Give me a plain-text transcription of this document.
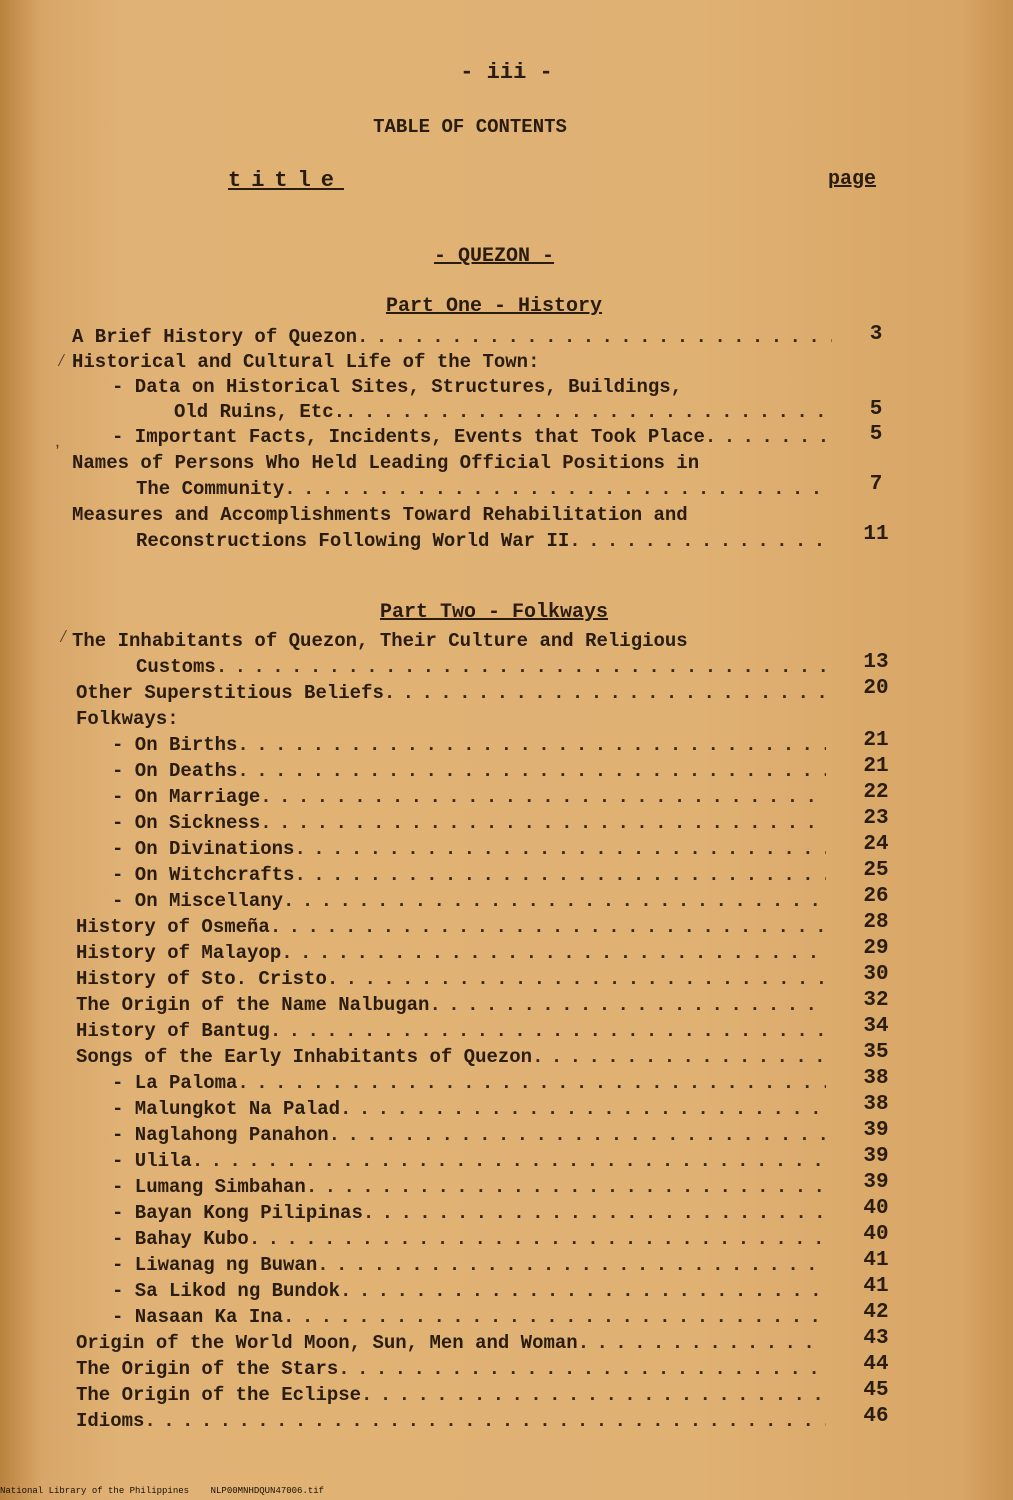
- iii -
TABLE OF CONTENTS
title	page

- QUEZON -

Part One - History

A Brief History of Quezon . . .	3
Historical and Cultural Life of the Town:
- Data on Historical Sites, Structures, Buildings,
Old Ruins, Etc. . . .	5
- Important Facts, Incidents, Events that Took Place . . .	5
Names of Persons Who Held Leading Official Positions in
The Community . . .	7
Measures and Accomplishments Toward Rehabilitation and
Reconstructions Following World War II . . .	11

Part Two - Folkways

The Inhabitants of Quezon, Their Culture and Religious
Customs . . .	13
Other Superstitious Beliefs . . .	20
Folkways:
- On Births . . .	21
- On Deaths . . .	21
- On Marriage . . .	22
- On Sickness . . .	23
- On Divinations . . .	24
- On Witchcrafts . . .	25
- On Miscellany . . .	26
History of Osmeña . . .	28
History of Malayop . . .	29
History of Sto. Cristo . . .	30
The Origin of the Name Nalbugan . . .	32
History of Bantug . . .	34
Songs of the Early Inhabitants of Quezon . . .	35
- La Paloma . . .	38
- Malungkot Na Palad . . .	38
- Naglahong Panahon . . .	39
- Ulila . . .	39
- Lumang Simbahan . . .	39
- Bayan Kong Pilipinas . . .	40
- Bahay Kubo . . .	40
- Liwanag ng Buwan . . .	41
- Sa Likod ng Bundok . . .	41
- Nasaan Ka Ina . . .	42
Origin of the World Moon, Sun, Men and Woman . . .	43
The Origin of the Stars . . .	44
The Origin of the Eclipse . . .	45
Idioms . . .	46
⁄
ʼ
⁄
National Library of the Philippines    NLP00MNHDQUN47006.tif
